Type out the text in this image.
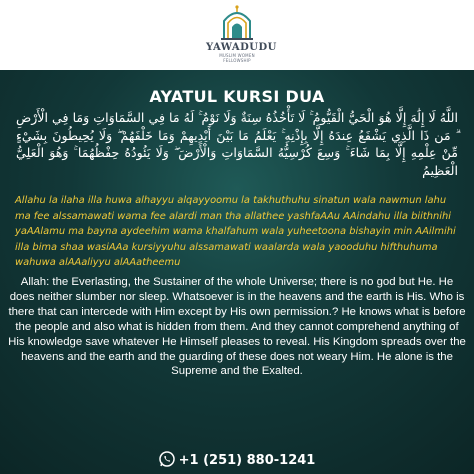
YAWADUDU
MUSLIM WOMEN FELLOWSHIP
AYATUL KURSI DUA
اللَّهُ لَا إِلَٰهَ إِلَّا هُوَ الْحَيُّ الْقَيُّومُ ۚ لَا تَأْخُذُهُ سِنَةٌ وَلَا نَوْمٌ ۚ لَهُ مَا فِي السَّمَاوَاتِ وَمَا فِي الْأَرْضِ ۗ مَن ذَا الَّذِي يَشْفَعُ عِندَهُ إِلَّا بِإِذْنِهِ ۚ يَعْلَمُ مَا بَيْنَ أَيْدِيهِمْ وَمَا خَلْفَهُمْ ۖ وَلَا يُحِيطُونَ بِشَيْءٍ مِّنْ عِلْمِهِ إِلَّا بِمَا شَاءَ ۚ وَسِعَ كُرْسِيُّهُ السَّمَاوَاتِ وَالْأَرْضَ ۖ وَلَا يَئُودُهُ حِفْظُهُمَا ۚ وَهُوَ الْعَلِيُّ الْعَظِيمُ
Allahu la ilaha illa huwa alhayyu alqayyoomu la takhuthuhu sinatun wala nawmun lahu ma fee alssamawati wama fee alardi man tha allathee yashfaAAu AAindahu illa biithnihi yaAAlamu ma bayna aydeehim wama khalfahum wala yuheetoona bishayin min AAilmihi illa bima shaa wasiAAa kursiyyuhu alssamawati waalarda wala yaooduhu hifthuhuma wahuwa alAAaliyyu alAAatheemu
Allah: the Everlasting, the Sustainer of the whole Universe; there is no god but He. He does neither slumber nor sleep. Whatsoever is in the heavens and the earth is His. Who is there that can intercede with Him except by His own permission.? He knows what is before the people and also what is hidden from them. And they cannot comprehend anything of His knowledge save whatever He Himself pleases to reveal. His Kingdom spreads over the heavens and the earth and the guarding of these does not weary Him. He alone is the Supreme and the Exalted.
+1 (251) 880-1241
